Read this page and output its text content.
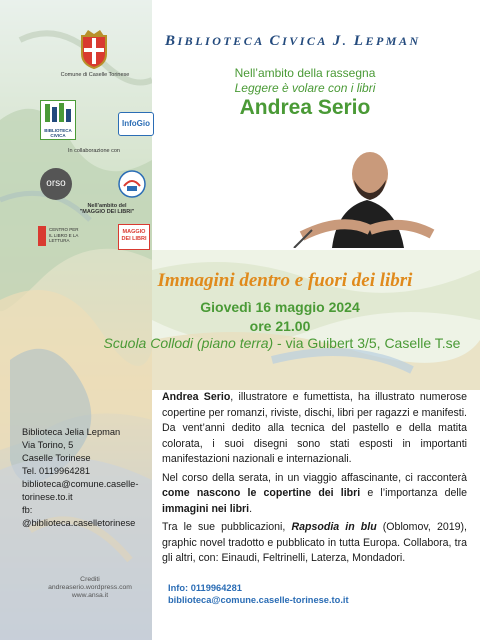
BIBLIOTECA CIVICA J. LEPMAN
Nell’ambito della rassegna
Leggere è volare con i libri
Andrea Serio
Comune di Caselle Torinese
BIBLIOTECA CIVICA
InfoGio
In collaborazione con
orso
Nell’ambito del
"MAGGIO DEI LIBRI"
CENTRO PER IL LIBRO E LA LETTURA
MAGGIO DEI LIBRI
Immagini dentro e fuori dei libri
Giovedì 16 maggio 2024
ore 21.00
Scuola Collodi (piano terra) - via Guibert 3/5, Caselle T.se

Andrea Serio, illustratore e fumettista, ha illustrato numerose copertine per romanzi, riviste, dischi, libri per ragazzi e manifesti. Da vent’anni dedito alla tecnica del pastello e della matita colorata, i suoi disegni sono stati esposti in importanti manifestazioni nazionali e internazionali.

Nel corso della serata, in un viaggio affascinante, ci racconterà come nascono le copertine dei libri e l’importanza delle immagini nei libri.

Tra le sue pubblicazioni, Rapsodia in blu (Oblomov, 2019), graphic novel tradotto e pubblicato in tutta Europa. Collabora, tra gli altri, con: Einaudi, Feltrinelli, Laterza, Mondadori.

Biblioteca Jelia Lepman
Via Torino, 5
Caselle Torinese
Tel. 0119964281
biblioteca@comune.caselle-
torinese.to.it
fb:
@biblioteca.caselletorinese
Crediti
andreaserio.wordpress.com
www.ansa.it
Info: 0119964281
biblioteca@comune.caselle-torinese.to.it
